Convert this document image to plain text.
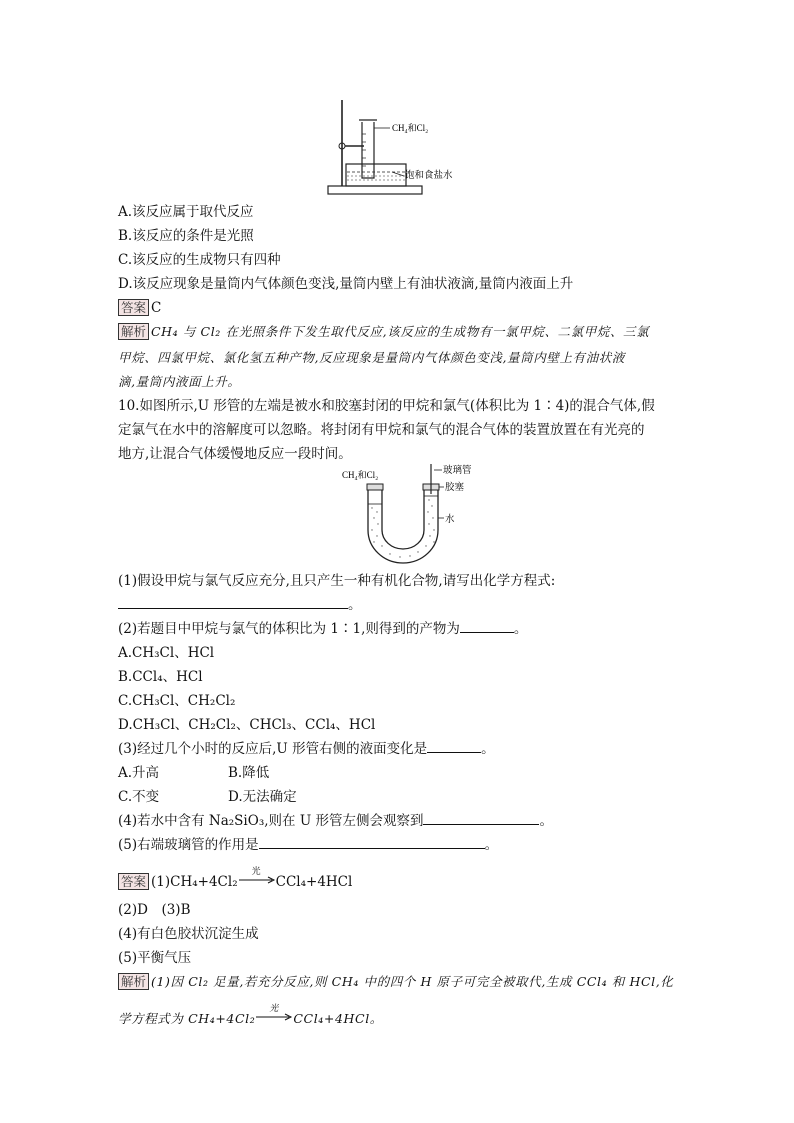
CH₄和Cl₂
饱和食盐水
CH₄和Cl₂	玻璃管
胶塞
水
A.该反应属于取代反应
B.该反应的条件是光照
C.该反应的生成物只有四种
D.该反应现象是量筒内气体颜色变浅,量筒内壁上有油状液滴,量筒内液面上升
答案 C
解析 CH₄ 与 Cl₂ 在光照条件下发生取代反应,该反应的生成物有一氯甲烷、二氯甲烷、三氯
甲烷、四氯甲烷、氯化氢五种产物,反应现象是量筒内气体颜色变浅,量筒内壁上有油状液
滴,量筒内液面上升。
10.如图所示,U 形管的左端是被水和胶塞封闭的甲烷和氯气(体积比为 1∶4)的混合气体,假
定氯气在水中的溶解度可以忽略。将封闭有甲烷和氯气的混合气体的装置放置在有光亮的
地方,让混合气体缓慢地反应一段时间。
(1)假设甲烷与氯气反应充分,且只产生一种有机化合物,请写出化学方程式:
。
(2)若题目中甲烷与氯气的体积比为 1∶1,则得到的产物为	。
A.CH₃Cl、HCl
B.CCl₄、HCl
C.CH₃Cl、CH₂Cl₂
D.CH₃Cl、CH₂Cl₂、CHCl₃、CCl₄、HCl
(3)经过几个小时的反应后,U 形管右侧的液面变化是	。
A.升高	B.降低
C.不变	D.无法确定
(4)若水中含有 Na₂SiO₃,则在 U 形管左侧会观察到	。
(5)右端玻璃管的作用是	。
答案 (1)CH₄+4Cl₂
光
CCl₄+4HCl
(2)D　(3)B
(4)有白色胶状沉淀生成
(5)平衡气压
解析 (1)因 Cl₂ 足量,若充分反应,则 CH₄ 中的四个 H 原子可完全被取代,生成 CCl₄ 和 HCl,化
学方程式为 CH₄+4Cl₂
光
CCl₄+4HCl。
